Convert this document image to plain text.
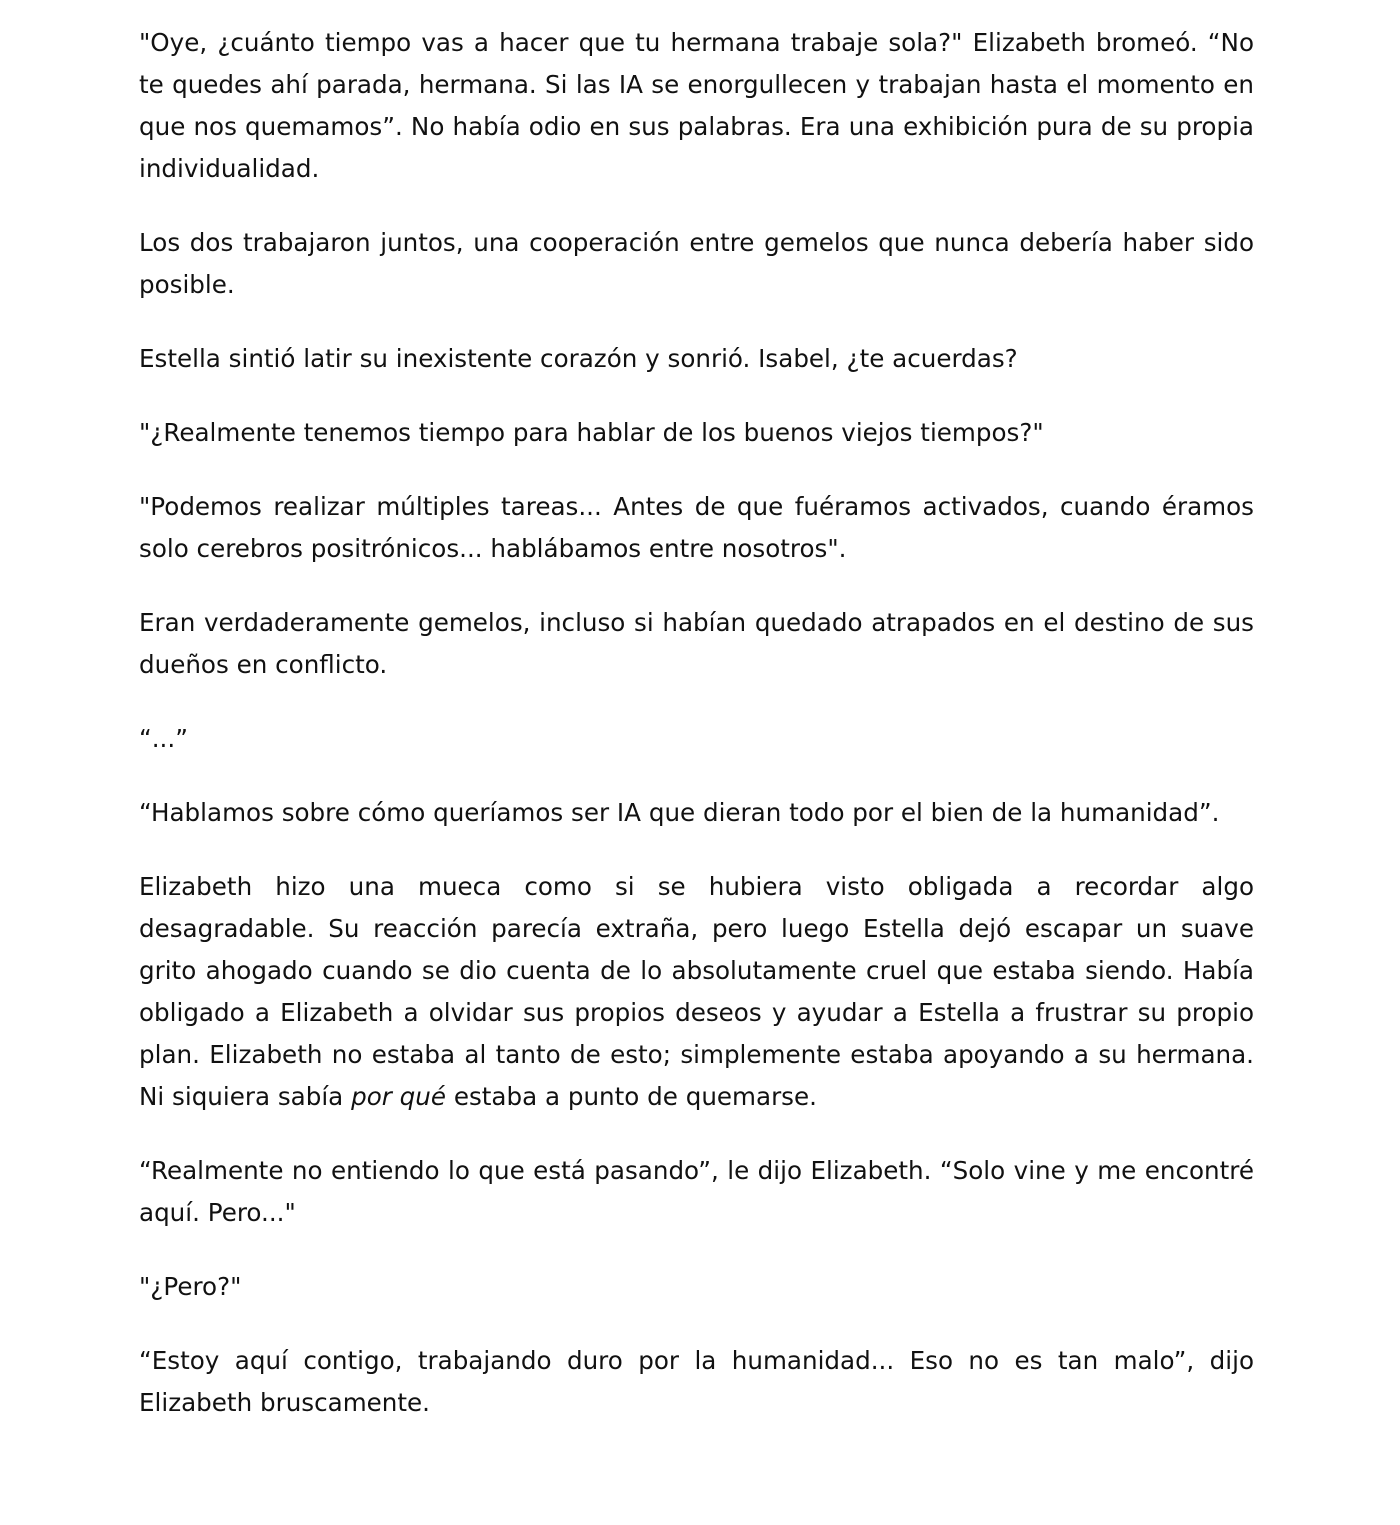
"Oye, ¿cuánto tiempo vas a hacer que tu hermana trabaje sola?" Elizabeth bromeó. “No te quedes ahí parada, hermana. Si las IA se enorgullecen y trabajan hasta el momento en que nos quemamos”. No había odio en sus palabras. Era una exhibición pura de su propia individualidad.

Los dos trabajaron juntos, una cooperación entre gemelos que nunca debería haber sido posible.

Estella sintió latir su inexistente corazón y sonrió. Isabel, ¿te acuerdas?

"¿Realmente tenemos tiempo para hablar de los buenos viejos tiempos?"

"Podemos realizar múltiples tareas... Antes de que fuéramos activados, cuando éramos solo cerebros positrónicos... hablábamos entre nosotros".

Eran verdaderamente gemelos, incluso si habían quedado atrapados en el destino de sus dueños en conflicto.

“...”

“Hablamos sobre cómo queríamos ser IA que dieran todo por el bien de la humanidad”.

Elizabeth hizo una mueca como si se hubiera visto obligada a recordar algo desagradable. Su reacción parecía extraña, pero luego Estella dejó escapar un suave grito ahogado cuando se dio cuenta de lo absolutamente cruel que estaba siendo. Había obligado a Elizabeth a olvidar sus propios deseos y ayudar a Estella a frustrar su propio plan. Elizabeth no estaba al tanto de esto; simplemente estaba apoyando a su hermana. Ni siquiera sabía por qué estaba a punto de quemarse.

“Realmente no entiendo lo que está pasando”, le dijo Elizabeth. “Solo vine y me encontré aquí. Pero..."

"¿Pero?"

“Estoy aquí contigo, trabajando duro por la humanidad... Eso no es tan malo”, dijo Elizabeth bruscamente.
